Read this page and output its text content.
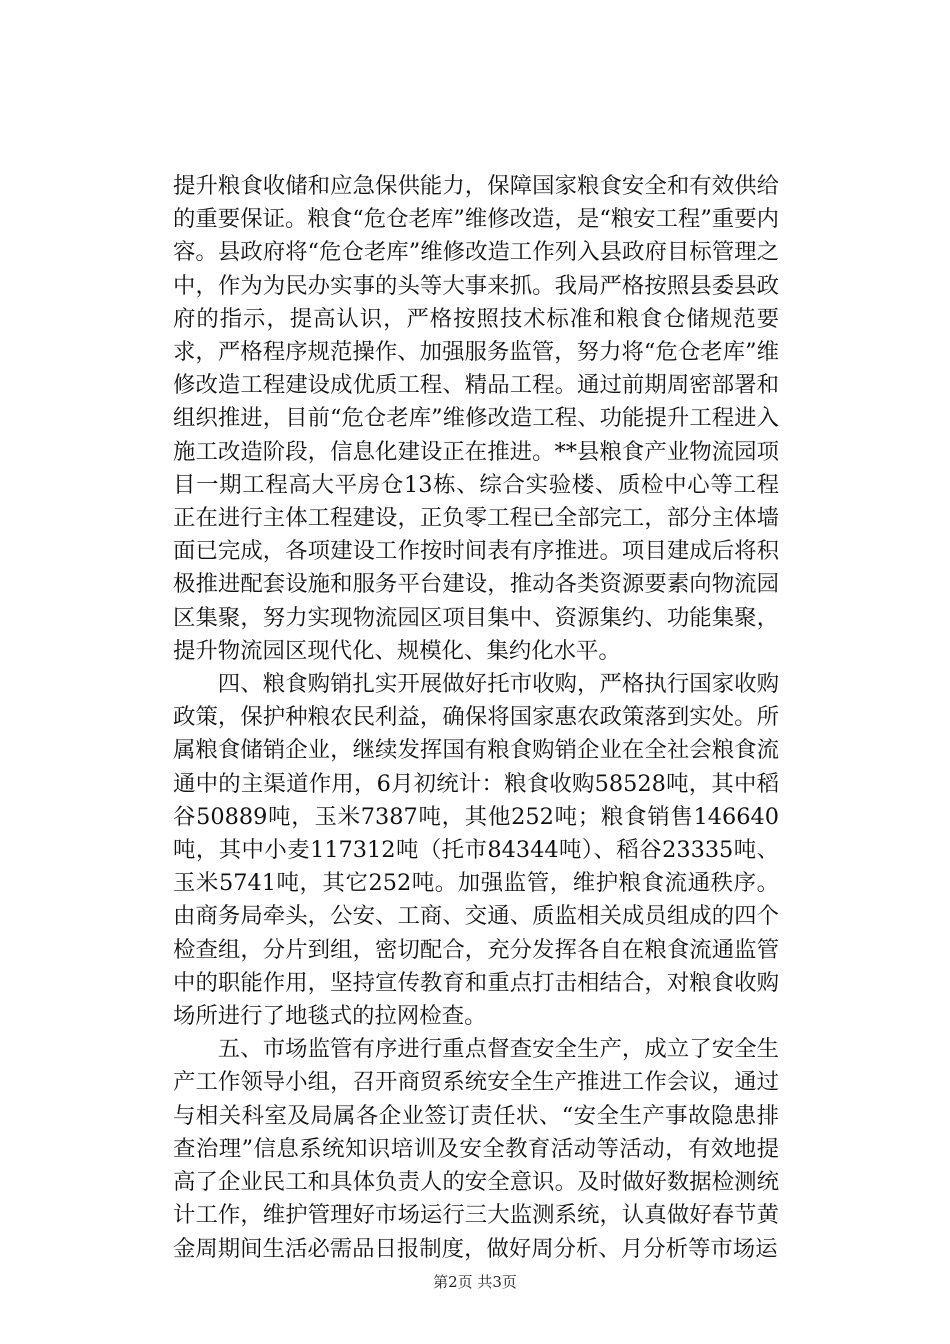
提升粮食收储和应急保供能力，保障国家粮食安全和有效供给的重要保证。粮食“危仓老库”维修改造，是“粮安工程”重要内容。县政府将“危仓老库”维修改造工作列入县政府目标管理之中，作为为民办实事的头等大事来抓。我局严格按照县委县政府的指示，提高认识，严格按照技术标准和粮食仓储规范要求，严格程序规范操作、加强服务监管，努力将“危仓老库”维修改造工程建设成优质工程、精品工程。通过前期周密部署和组织推进，目前“危仓老库”维修改造工程、功能提升工程进入施工改造阶段，信息化建设正在推进。**县粮食产业物流园项目一期工程高大平房仓13栋、综合实验楼、质检中心等工程正在进行主体工程建设，正负零工程已全部完工，部分主体墙面已完成，各项建设工作按时间表有序推进。项目建成后将积极推进配套设施和服务平台建设，推动各类资源要素向物流园区集聚，努力实现物流园区项目集中、资源集约、功能集聚，提升物流园区现代化、规模化、集约化水平。

四、粮食购销扎实开展做好托市收购，严格执行国家收购政策，保护种粮农民利益，确保将国家惠农政策落到实处。所属粮食储销企业，继续发挥国有粮食购销企业在全社会粮食流通中的主渠道作用，6月初统计：粮食收购58528吨，其中稻谷50889吨，玉米7387吨，其他252吨；粮食销售146640吨，其中小麦117312吨（托市84344吨）、稻谷23335吨、玉米5741吨，其它252吨。加强监管，维护粮食流通秩序。由商务局牵头，公安、工商、交通、质监相关成员组成的四个检查组，分片到组，密切配合，充分发挥各自在粮食流通监管中的职能作用，坚持宣传教育和重点打击相结合，对粮食收购场所进行了地毯式的拉网检查。

五、市场监管有序进行重点督查安全生产，成立了安全生产工作领导小组，召开商贸系统安全生产推进工作会议，通过与相关科室及局属各企业签订责任状、“安全生产事故隐患排查治理”信息系统知识培训及安全教育活动等活动，有效地提高了企业民工和具体负责人的安全意识。及时做好数据检测统计工作，维护管理好市场运行三大监测系统，认真做好春节黄金周期间生活必需品日报制度，做好周分析、月分析等市场运

第2页 共3页
